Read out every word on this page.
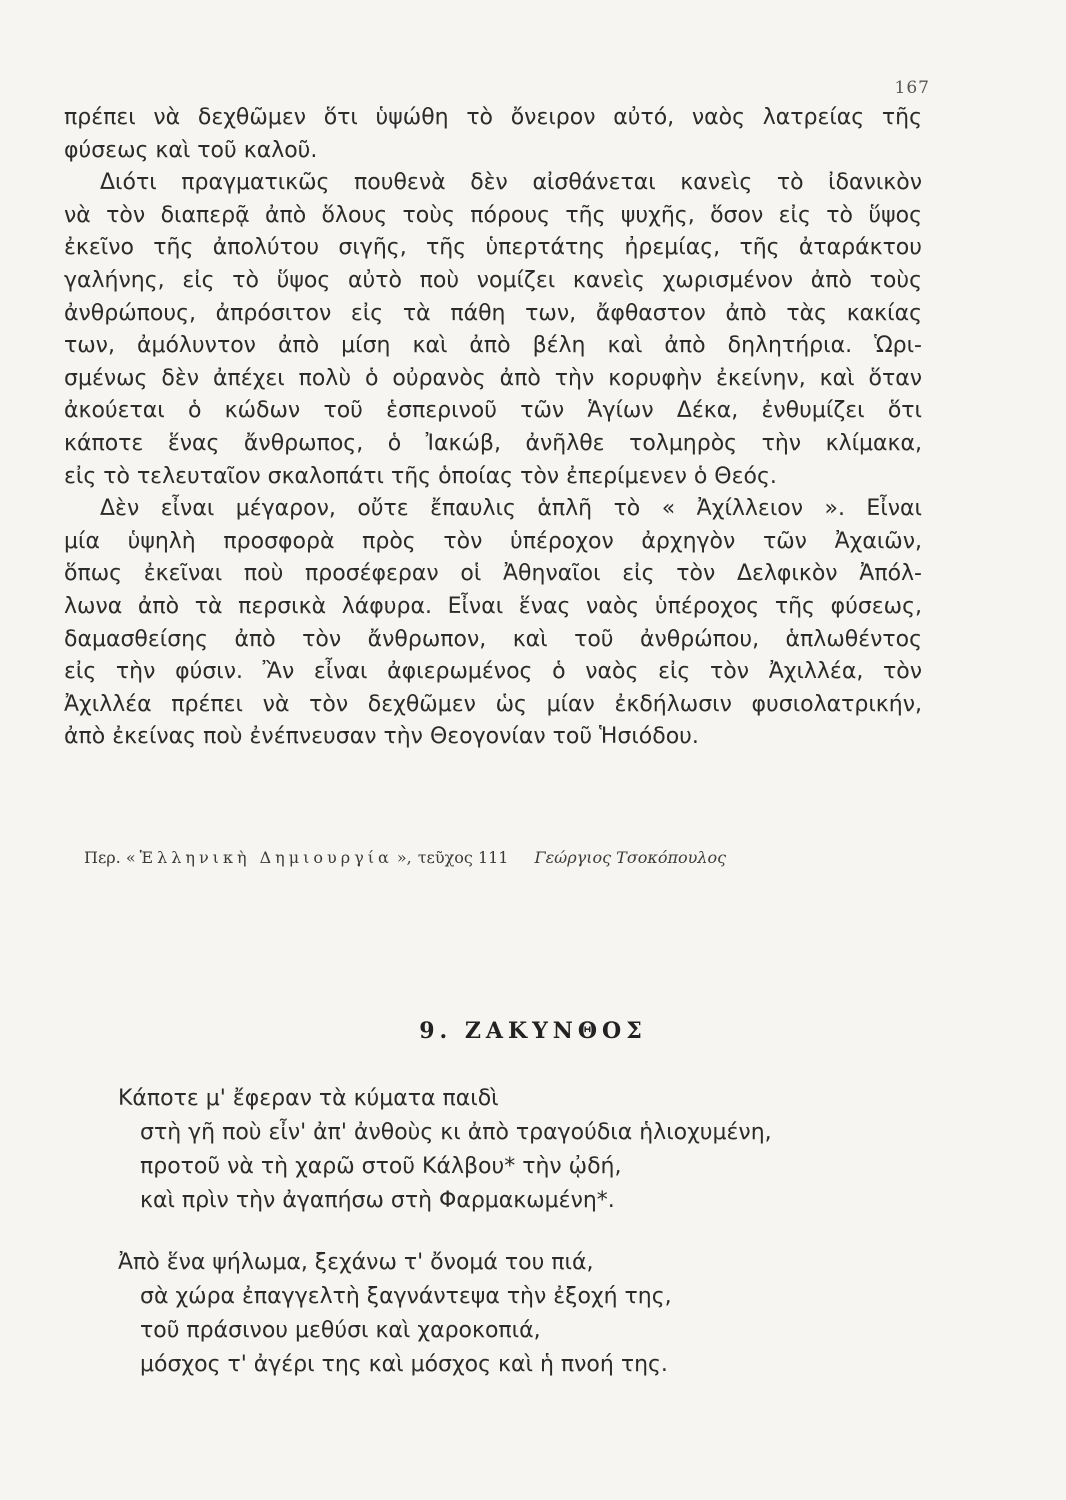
167
πρέπει νὰ δεχθῶμεν ὅτι ὑψώθη τὸ ὄνειρον αὐτό, ναὸς λατρείας τῆς
φύσεως καὶ τοῦ καλοῦ.
Διότι πραγματικῶς πουθενὰ δὲν αἰσθάνεται κανεὶς τὸ ἰδανικὸν
νὰ τὸν διαπερᾷ ἀπὸ ὅλους τοὺς πόρους τῆς ψυχῆς, ὅσον εἰς τὸ ὕψος
ἐκεῖνο τῆς ἀπολύτου σιγῆς, τῆς ὑπερτάτης ἠρεμίας, τῆς ἀταράκτου
γαλήνης, εἰς τὸ ὕψος αὐτὸ ποὺ νομίζει κανεὶς χωρισμένον ἀπὸ τοὺς
ἀνθρώπους, ἀπρόσιτον εἰς τὰ πάθη των, ἄφθαστον ἀπὸ τὰς κακίας
των, ἀμόλυντον ἀπὸ μίση καὶ ἀπὸ βέλη καὶ ἀπὸ δηλητήρια. Ὡρι-
σμένως δὲν ἀπέχει πολὺ ὁ οὐρανὸς ἀπὸ τὴν κορυφὴν ἐκείνην, καὶ ὅταν
ἀκούεται ὁ κώδων τοῦ ἑσπερινοῦ τῶν Ἁγίων Δέκα, ἐνθυμίζει ὅτι
κάποτε ἕνας ἄνθρωπος, ὁ Ἰακώβ, ἀνῆλθε τολμηρὸς τὴν κλίμακα,
εἰς τὸ τελευταῖον σκαλοπάτι τῆς ὁποίας τὸν ἐπερίμενεν ὁ Θεός.
Δὲν εἶναι μέγαρον, οὔτε ἔπαυλις ἁπλῆ τὸ « Ἀχίλλειον ». Εἶναι
μία ὑψηλὴ προσφορὰ πρὸς τὸν ὑπέροχον ἀρχηγὸν τῶν Ἀχαιῶν,
ὅπως ἐκεῖναι ποὺ προσέφεραν οἱ Ἀθηναῖοι εἰς τὸν Δελφικὸν Ἀπόλ-
λωνα ἀπὸ τὰ περσικὰ λάφυρα. Εἶναι ἕνας ναὸς ὑπέροχος τῆς φύσεως,
δαμασθείσης ἀπὸ τὸν ἄνθρωπον, καὶ τοῦ ἀνθρώπου, ἁπλωθέντος
εἰς τὴν φύσιν. Ἂν εἶναι ἀφιερωμένος ὁ ναὸς εἰς τὸν Ἀχιλλέα, τὸν
Ἀχιλλέα πρέπει νὰ τὸν δεχθῶμεν ὡς μίαν ἐκδήλωσιν φυσιολατρικήν,
ἀπὸ ἐκείνας ποὺ ἐνέπνευσαν τὴν Θεογονίαν τοῦ Ἡσιόδου.
Περ. « Ἑλληνικὴ Δημιουργία », τεῦχος 111 Γεώργιος Τσοκόπουλος
9. ΖΑΚΥΝΘΟΣ
Κάποτε μ' ἔφεραν τὰ κύματα παιδὶ
στὴ γῆ ποὺ εἶν' ἀπ' ἀνθοὺς κι ἀπὸ τραγούδια ἡλιοχυμένη,
προτοῦ νὰ τὴ χαρῶ στοῦ Κάλβου* τὴν ᾠδή,
καὶ πρὶν τὴν ἀγαπήσω στὴ Φαρμακωμένη*.
Ἀπὸ ἕνα ψήλωμα, ξεχάνω τ' ὄνομά του πιά,
σὰ χώρα ἐπαγγελτὴ ξαγνάντεψα τὴν ἐξοχή της,
τοῦ πράσινου μεθύσι καὶ χαροκοπιά,
μόσχος τ' ἀγέρι της καὶ μόσχος καὶ ἡ πνοή της.
